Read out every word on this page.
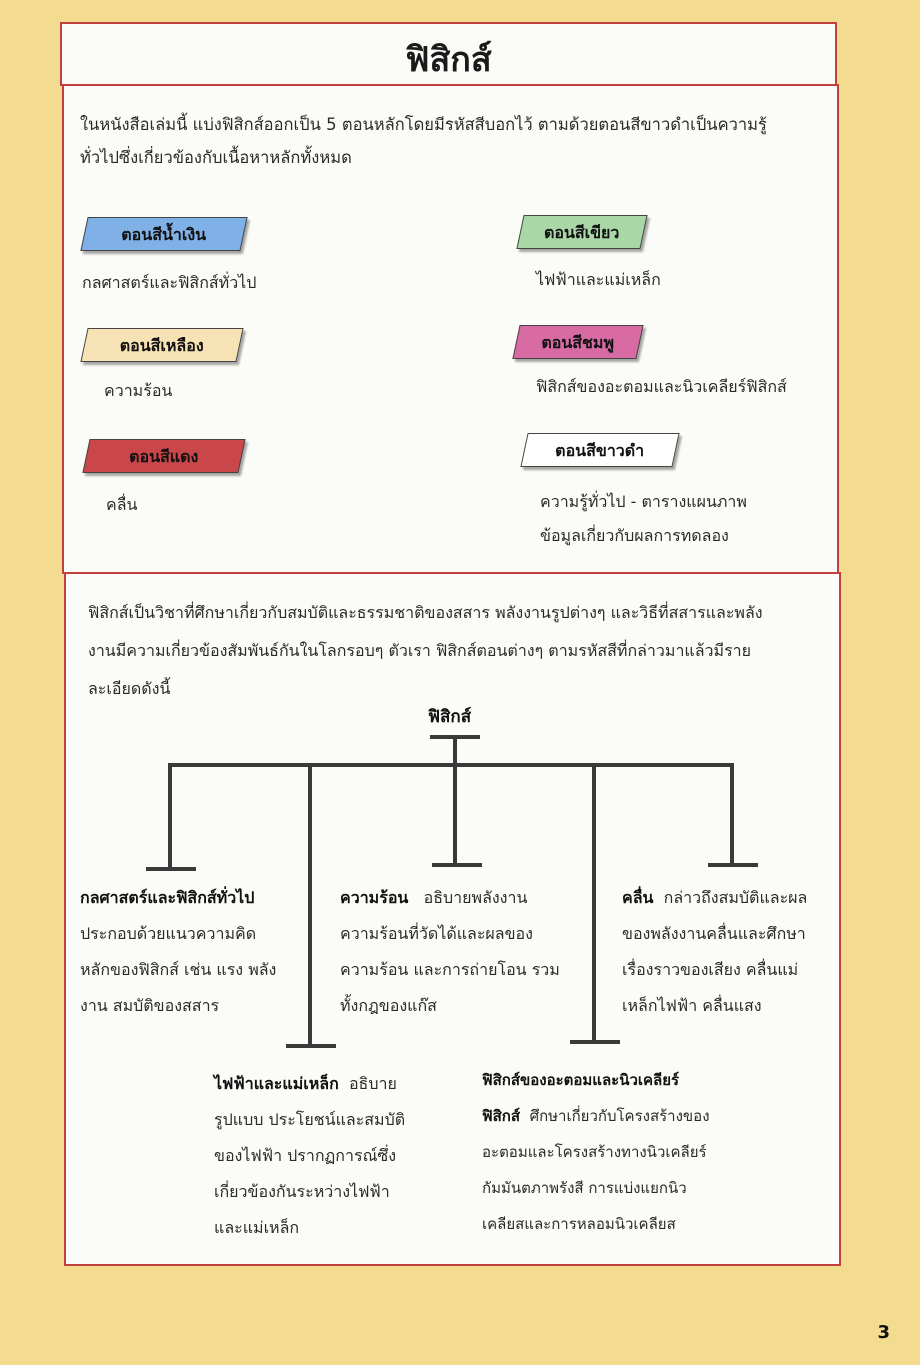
ฟิสิกส์
ในหนังสือเล่มนี้ แบ่งฟิสิกส์ออกเป็น 5 ตอนหลักโดยมีรหัสสีบอกไว้ ตามด้วยตอนสีขาวดำเป็นความรู้
ทั่วไปซึ่งเกี่ยวข้องกับเนื้อหาหลักทั้งหมด
ตอนสีน้ำเงิน
กลศาสตร์และฟิสิกส์ทั่วไป
ตอนสีเขียว
ไฟฟ้าและแม่เหล็ก
ตอนสีเหลือง
ความร้อน
ตอนสีชมพู
ฟิสิกส์ของอะตอมและนิวเคลียร์ฟิสิกส์
ตอนสีแดง
คลื่น
ตอนสีขาวดำ
ความรู้ทั่วไป - ตารางแผนภาพ
ข้อมูลเกี่ยวกับผลการทดลอง
ฟิสิกส์เป็นวิชาที่ศึกษาเกี่ยวกับสมบัติและธรรมชาติของสสาร พลังงานรูปต่างๆ และวิธีที่สสารและพลัง
งานมีความเกี่ยวข้องสัมพันธ์กันในโลกรอบๆ ตัวเรา ฟิสิกส์ตอนต่างๆ ตามรหัสสีที่กล่าวมาแล้วมีราย
ละเอียดดังนี้
ฟิสิกส์
กลศาสตร์และฟิสิกส์ทั่วไป
ประกอบด้วยแนวความคิด
หลักของฟิสิกส์ เช่น แรง พลัง
งาน สมบัติของสสาร
ความร้อน อธิบายพลังงาน
ความร้อนที่วัดได้และผลของ
ความร้อน และการถ่ายโอน รวม
ทั้งกฎของแก๊ส
คลื่น กล่าวถึงสมบัติและผล
ของพลังงานคลื่นและศึกษา
เรื่องราวของเสียง คลื่นแม่
เหล็กไฟฟ้า คลื่นแสง
ไฟฟ้าและแม่เหล็ก อธิบาย
รูปแบบ ประโยชน์และสมบัติ
ของไฟฟ้า ปรากฏการณ์ซึ่ง
เกี่ยวข้องกันระหว่างไฟฟ้า
และแม่เหล็ก
ฟิสิกส์ของอะตอมและนิวเคลียร์
ฟิสิกส์ ศึกษาเกี่ยวกับโครงสร้างของ
อะตอมและโครงสร้างทางนิวเคลียร์
กัมมันตภาพรังสี การแบ่งแยกนิว
เคลียสและการหลอมนิวเคลียส
3
